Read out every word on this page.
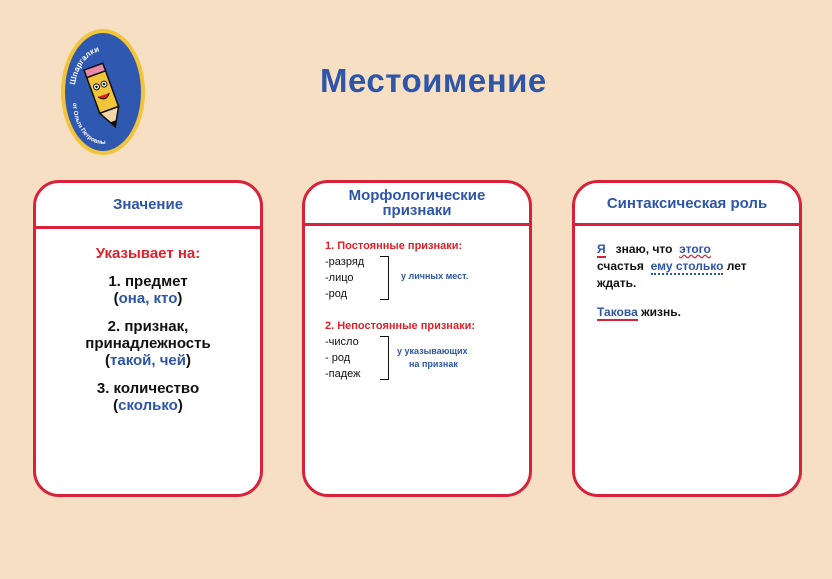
Шпаргалки
от Ольги Петровны
Местоимение
Значение
Указывает на:
1. предмет
(она, кто)
2. признак,
принадлежность
(такой, чей)
3. количество
(сколько)
Морфологические признаки
1. Постоянные признаки:
-разряд
-лицо
-род
у личных мест.
2. Непостоянные признаки:
-число
- род
-падеж
у указывающих
на признак
Синтаксическая роль
Я знаю, что этого
счастья ему столько лет
ждать.
Такова жизнь.
